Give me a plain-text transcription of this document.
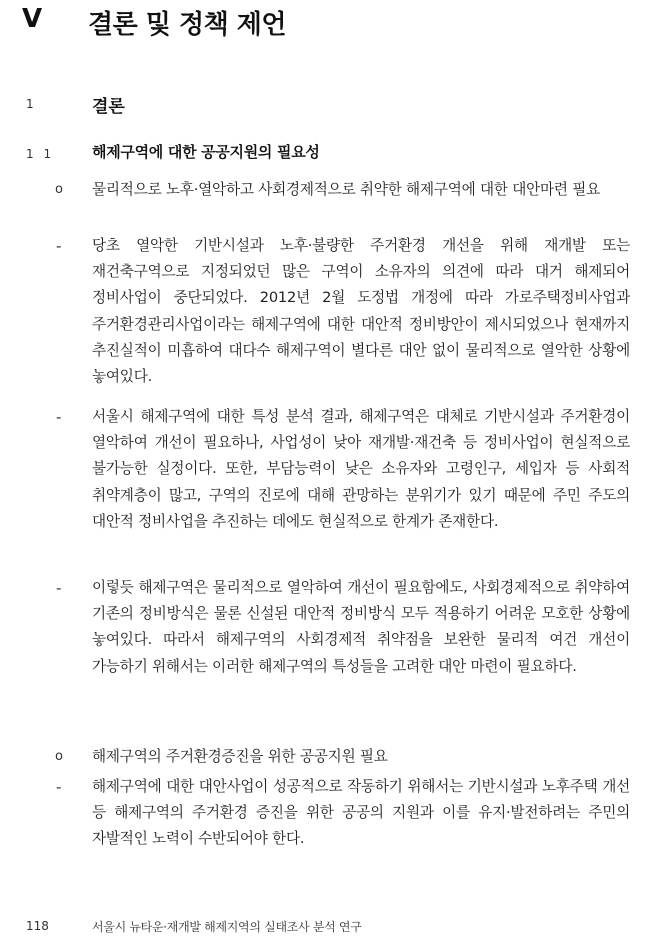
V 결론 및 정책 제언
1	결론
1 1	해제구역에 대한 공공지원의 필요성
o 물리적으로 노후·열악하고 사회경제적으로 취약한 해제구역에 대한 대안마련 필요
- 당초 열악한 기반시설과 노후·불량한 주거환경 개선을 위해 재개발 또는 재건축구역으로 지정되었던 많은 구역이 소유자의 의견에 따라 대거 해제되어 정비사업이 중단되었다. 2012년 2월 도정법 개정에 따라 가로주택정비사업과 주거환경관리사업이라는 해제구역에 대한 대안적 정비방안이 제시되었으나 현재까지 추진실적이 미흡하여 대다수 해제구역이 별다른 대안 없이 물리적으로 열악한 상황에 놓여있다.
- 서울시 해제구역에 대한 특성 분석 결과, 해제구역은 대체로 기반시설과 주거환경이 열악하여 개선이 필요하나, 사업성이 낮아 재개발·재건축 등 정비사업이 현실적으로 불가능한 실정이다. 또한, 부담능력이 낮은 소유자와 고령인구, 세입자 등 사회적 취약계층이 많고, 구역의 진로에 대해 관망하는 분위기가 있기 때문에 주민 주도의 대안적 정비사업을 추진하는 데에도 현실적으로 한계가 존재한다.
- 이렇듯 해제구역은 물리적으로 열악하여 개선이 필요함에도, 사회경제적으로 취약하여 기존의 정비방식은 물론 신설된 대안적 정비방식 모두 적용하기 어려운 모호한 상황에 놓여있다. 따라서 해제구역의 사회경제적 취약점을 보완한 물리적 여건 개선이 가능하기 위해서는 이러한 해제구역의 특성들을 고려한 대안 마련이 필요하다.
o 해제구역의 주거환경증진을 위한 공공지원 필요
- 해제구역에 대한 대안사업이 성공적으로 작동하기 위해서는 기반시설과 노후주택 개선 등 해제구역의 주거환경 증진을 위한 공공의 지원과 이를 유지·발전하려는 주민의 자발적인 노력이 수반되어야 한다.
118	서울시 뉴타운·재개발 해제지역의 실태조사 분석 연구
